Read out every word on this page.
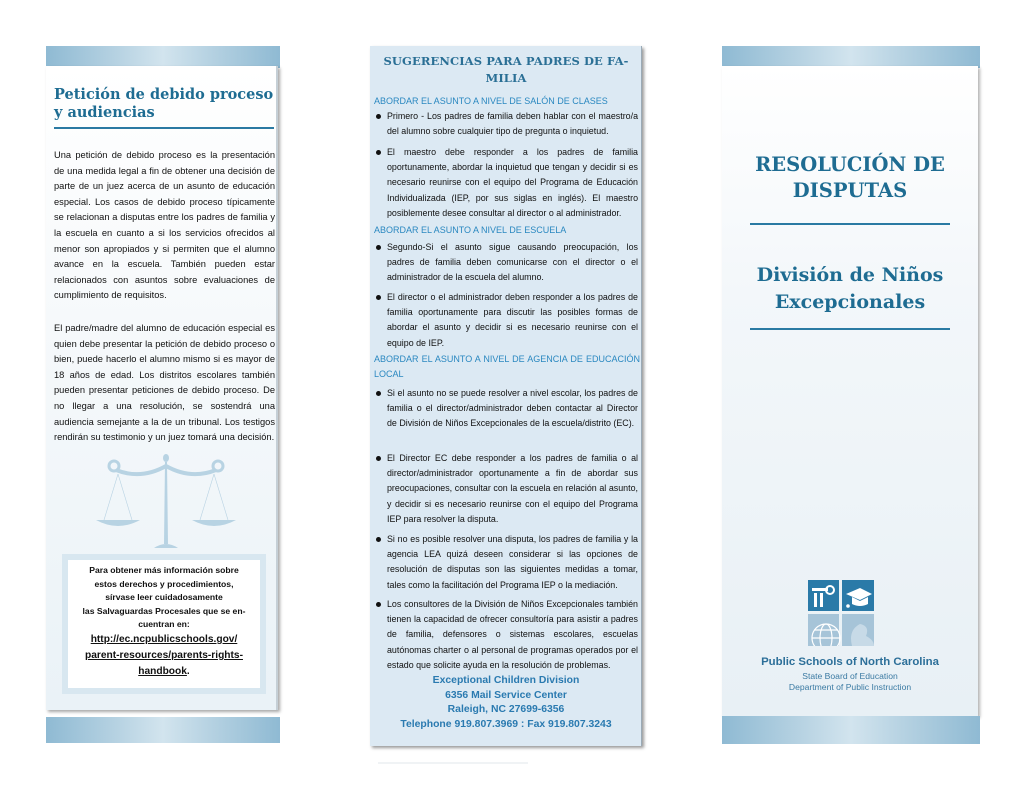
Petición de debido proceso y audiencias

Una petición de debido proceso es la presentación de una medida legal a fin de obtener una decisión de parte de un juez acerca de un asunto de educación especial. Los casos de debido proceso típicamente se relacionan a disputas entre los padres de familia y la escuela en cuanto a si los servicios ofrecidos al menor son apropiados y si permiten que el alumno avance en la escuela. También pueden estar relacionados con asuntos sobre evaluaciones de cumplimiento de requisitos.

El padre/madre del alumno de educación especial es quien debe presentar la petición de debido proceso o bien, puede hacerlo el alumno mismo si es mayor de 18 años de edad. Los distritos escolares también pueden presentar peticiones de debido proceso. De no llegar a una resolución, se sostendrá una audiencia semejante a la de un tribunal. Los testigos rendirán su testimonio y un juez tomará una decisión.

Para obtener más información sobre
estos derechos y procedimientos,
sírvase leer cuidadosamente
las Salvaguardas Procesales que se en-
cuentran en:
http://ec.ncpublicschools.gov/
parent-resources/parents-rights-
handbook.
SUGERENCIAS PARA PADRES DE FA-
MILIA
ABORDAR EL ASUNTO A NIVEL DE SALÓN DE CLASES
Primero - Los padres de familia deben hablar con el maestro/a del alumno sobre cualquier tipo de pregunta o inquietud.
El maestro debe responder a los padres de familia oportunamente, abordar la inquietud que tengan y decidir si es necesario reunirse con el equipo del Programa de Educación Individualizada (IEP, por sus siglas en inglés). El maestro posiblemente desee consultar al director o al administrador.
ABORDAR EL ASUNTO A NIVEL DE ESCUELA
Segundo-Si el asunto sigue causando preocupación, los padres de familia deben comunicarse con el director o el administrador de la escuela del alumno.
El director o el administrador deben responder a los padres de familia oportunamente para discutir las posibles formas de abordar el asunto y decidir si es necesario reunirse con el equipo de IEP.
ABORDAR EL ASUNTO A NIVEL DE AGENCIA DE EDUCACIÓN LOCAL
Si el asunto no se puede resolver a nivel escolar, los padres de familia o el director/administrador deben contactar al Director de División de Niños Excepcionales de la escuela/distrito (EC).
El Director EC debe responder a los padres de familia o al director/administrador oportunamente a fin de abordar sus preocupaciones, consultar con la escuela en relación al asunto, y decidir si es necesario reunirse con el equipo del Programa IEP para resolver la disputa.
Si no es posible resolver una disputa, los padres de familia y la agencia LEA quizá deseen considerar si las opciones de resolución de disputas son las siguientes medidas a tomar, tales como la facilitación del Programa IEP o la mediación.
Los consultores de la División de Niños Excepcionales también tienen la capacidad de ofrecer consultoría para asistir a padres de familia, defensores o sistemas escolares, escuelas autónomas charter o al personal de programas operados por el estado que solicite ayuda en la resolución de problemas.
Exceptional Children Division
6356 Mail Service Center
Raleigh, NC 27699-6356
Telephone 919.807.3969 : Fax 919.807.3243
RESOLUCIÓN DE DISPUTAS
División de Niños Excepcionales
Public Schools of North Carolina
State Board of Education
Department of Public Instruction
